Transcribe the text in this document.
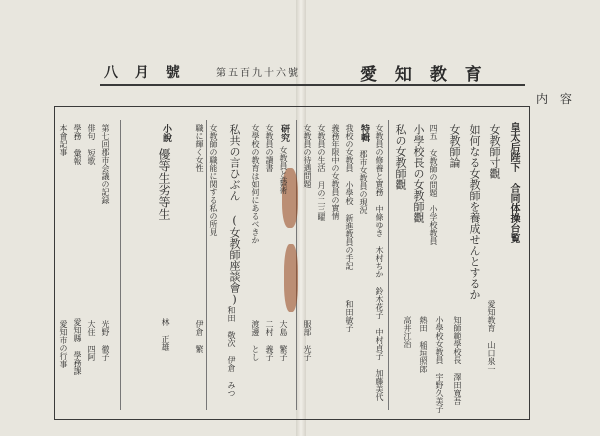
愛 知 教 育
第五百九十六號
八 月 號
内 容
皇太后陛下 合同体操台覧
女教師寸觀
愛知教育 山口泉一
如何なる女教師を養成せんとするか
知師範學校長 澤田寛吾
女教師論
小學校女教員 宇野久美子
四五 女教師の問題　小学校教員
熱田 稲垣照郎
小學校長の女教師觀
高井江治
私の女教師觀
女教員の修養と實務 中條ゆき 木村ちか 鈴木花子 中村貞子 加藤美代
特輯
郡市女教員の現況
我校の女教員 小學校 新進教員の手記
和田敏子
義務年限中の女教員の實情
女教員の生活 月の二三曜
女教員の待遇問題
服部 光子
研究
女教員と藝術
大島 繁子
女教員の讀書
二村 義子
女學校の教育は如何にあるべきか
渡邊 とし
私共の言ひぶん (女教師座談會)
和田 敬次 伊倉 みつ
女教師の職能に関する私の所見
職に輝く女性
伊倉 繁
小說
優等生劣等生
林 正雄
第七回郡市会議の記録
光野 徹子
俳句 短歌
大住 四阿
學務 彙報
愛知縣 學務課
本會記事
愛知市の行事
